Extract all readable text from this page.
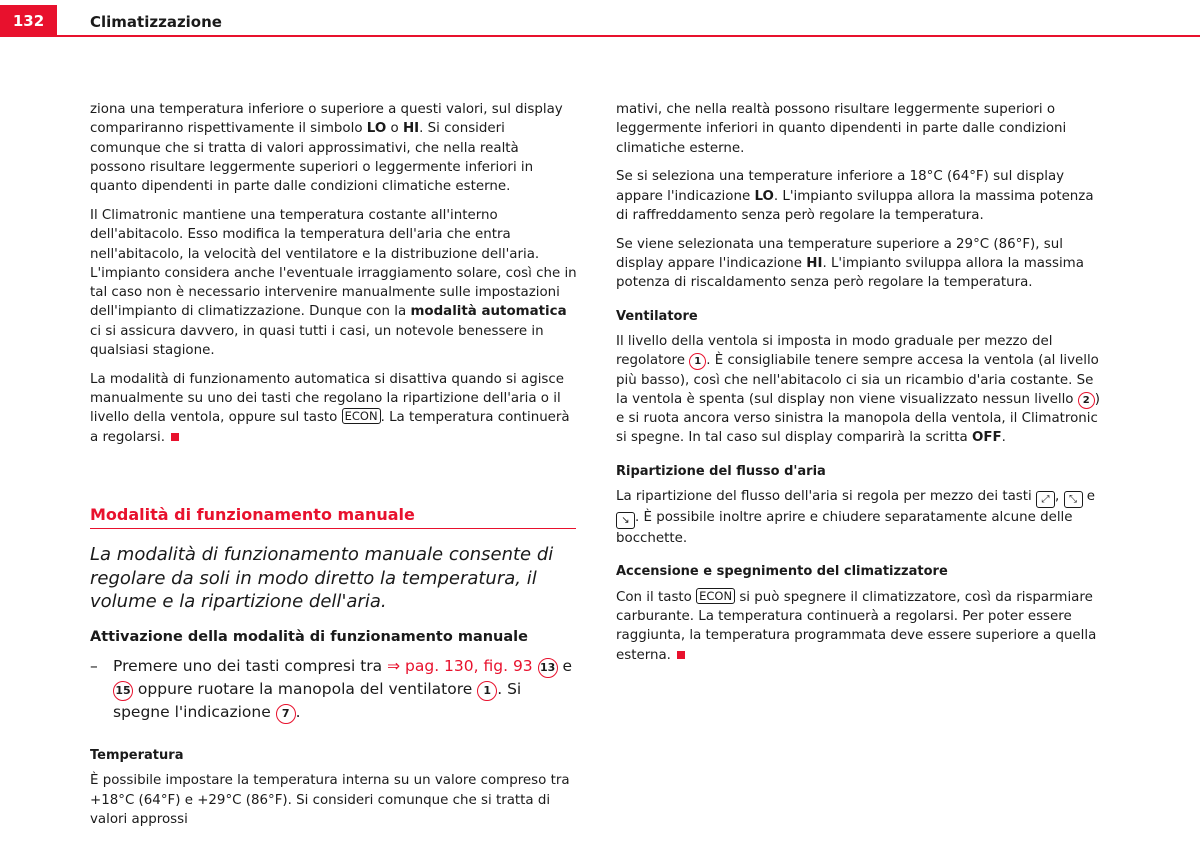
132	Climatizzazione

ziona una temperatura inferiore o superiore a questi valori, sul display compariranno rispettivamente il simbolo LO o HI. Si consideri comunque che si tratta di valori approssimativi, che nella realtà possono risultare leggermente superiori o leggermente inferiori in quanto dipendenti in parte dalle condizioni climatiche esterne.

Il Climatronic mantiene una temperatura costante all'interno dell'abitacolo. Esso modifica la temperatura dell'aria che entra nell'abitacolo, la velocità del ventilatore e la distribuzione dell'aria. L'impianto considera anche l'eventuale irraggiamento solare, così che in tal caso non è necessario intervenire manualmente sulle impostazioni dell'impianto di climatizzazione. Dunque con la modalità automatica ci si assicura davvero, in quasi tutti i casi, un notevole benessere in qualsiasi stagione.

La modalità di funzionamento automatica si disattiva quando si agisce manualmente su uno dei tasti che regolano la ripartizione dell'aria o il livello della ventola, oppure sul tasto ECON . La temperatura continuerà a regolarsi.

Modalità di funzionamento manuale
La modalità di funzionamento manuale consente di regolare da soli in modo diretto la temperatura, il volume e la ripartizione dell'aria.
Attivazione della modalità di funzionamento manuale
– Premere uno dei tasti compresi tra ⇒ pag. 130, fig. 93 13 e 15 oppure ruotare la manopola del ventilatore 1 . Si spegne l'indicazione 7 .

Temperatura

È possibile impostare la temperatura interna su un valore compreso tra +18°C (64°F) e +29°C (86°F). Si consideri comunque che si tratta di valori approssi

mativi, che nella realtà possono risultare leggermente superiori o leggermente inferiori in quanto dipendenti in parte dalle condizioni climatiche esterne.

Se si seleziona una temperature inferiore a 18°C (64°F) sul display appare l'indicazione LO. L'impianto sviluppa allora la massima potenza di raffreddamento senza però regolare la temperatura.

Se viene selezionata una temperature superiore a 29°C (86°F), sul display appare l'indicazione HI. L'impianto sviluppa allora la massima potenza di riscaldamento senza però regolare la temperatura.

Ventilatore

Il livello della ventola si imposta in modo graduale per mezzo del regolatore 1 . È consigliabile tenere sempre accesa la ventola (al livello più basso), così che nell'abitacolo ci sia un ricambio d'aria costante. Se la ventola è spenta (sul display non viene visualizzato nessun livello 2 ) e si ruota ancora verso sinistra la manopola della ventola, il Climatronic si spegne. In tal caso sul display comparirà la scritta OFF.

Ripartizione del flusso d'aria

La ripartizione del flusso dell'aria si regola per mezzo dei tasti ⤢ , ⤡ e ↘ . È possibile inoltre aprire e chiudere separatamente alcune delle bocchette.

Accensione e spegnimento del climatizzatore

Con il tasto ECON si può spegnere il climatizzatore, così da risparmiare carburante. La temperatura continuerà a regolarsi. Per poter essere raggiunta, la temperatura programmata deve essere superiore a quella esterna.
